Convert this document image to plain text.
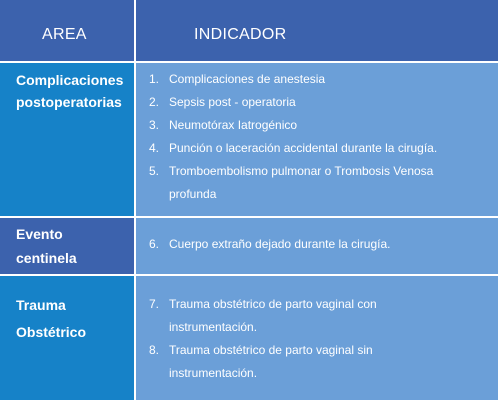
AREA	INDICADOR
Complicaciones
postoperatorias
1. Complicaciones de anestesia
2. Sepsis post - operatoria
3. Neumotórax Iatrogénico
4. Punción o laceración accidental durante la cirugía.
5. Tromboembolismo pulmonar o Trombosis Venosa
profunda
Evento
centinela
6. Cuerpo extraño dejado durante la cirugía.
Trauma
Obstétrico
7. Trauma obstétrico de parto vaginal con
instrumentación.
8. Trauma obstétrico de parto vaginal sin
instrumentación.
